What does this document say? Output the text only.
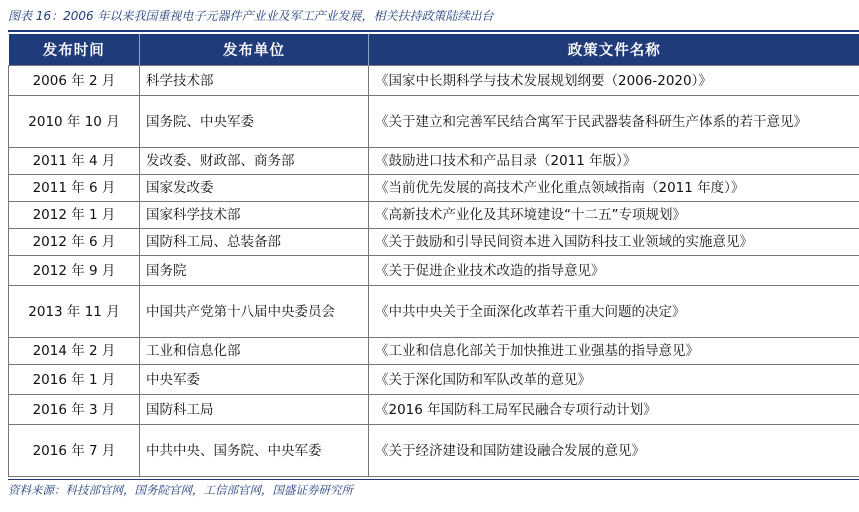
图表 16：2006 年以来我国重视电子元器件产业业及军工产业发展，相关扶持政策陆续出台
发布时间	发布单位	政策文件名称
2006 年 2 月	科学技术部	《国家中长期科学与技术发展规划纲要（2006-2020）》
2010 年 10 月	国务院、中央军委	《关于建立和完善军民结合寓军于民武器装备科研生产体系的若干意见》
2011 年 4 月	发改委、财政部、商务部	《鼓励进口技术和产品目录（2011 年版）》
2011 年 6 月	国家发改委	《当前优先发展的高技术产业化重点领域指南（2011 年度）》
2012 年 1 月	国家科学技术部	《高新技术产业化及其环境建设“十二五”专项规划》
2012 年 6 月	国防科工局、总装备部	《关于鼓励和引导民间资本进入国防科技工业领域的实施意见》
2012 年 9 月	国务院	《关于促进企业技术改造的指导意见》
2013 年 11 月	中国共产党第十八届中央委员会	《中共中央关于全面深化改革若干重大问题的决定》
2014 年 2 月	工业和信息化部	《工业和信息化部关于加快推进工业强基的指导意见》
2016 年 1 月	中央军委	《关于深化国防和军队改革的意见》
2016 年 3 月	国防科工局	《2016 年国防科工局军民融合专项行动计划》
2016 年 7 月	中共中央、国务院、中央军委	《关于经济建设和国防建设融合发展的意见》
资料来源：科技部官网，国务院官网，工信部官网，国盛证券研究所
